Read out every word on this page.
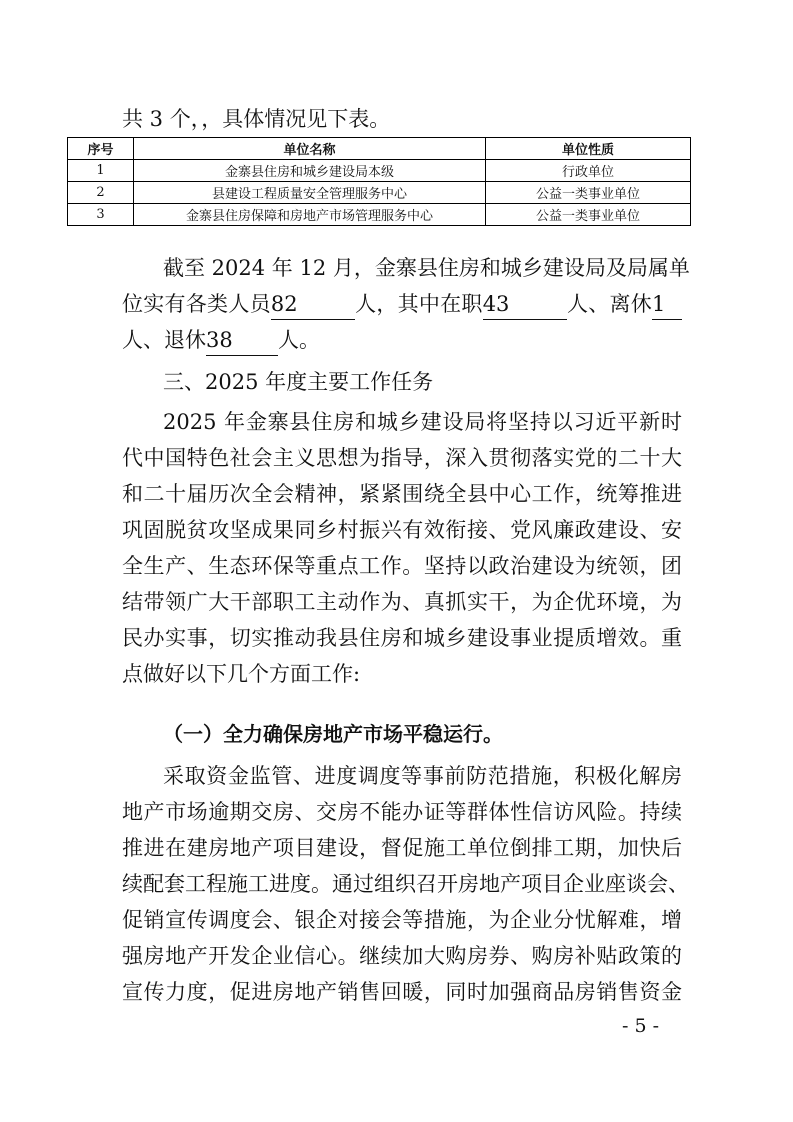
共 3 个，，具体情况见下表。
序号	单位名称	单位性质
1	金寨县住房和城乡建设局本级	行政单位
2	县建设工程质量安全管理服务中心	公益一类事业单位
3	金寨县住房保障和房地产市场管理服务中心	公益一类事业单位
截至 2024 年 12 月，金寨县住房和城乡建设局及局属单
位实有各类人员82	人，其中在职43	人、离休1
人、退休38 人。
三、2025 年度主要工作任务
2025 年金寨县住房和城乡建设局将坚持以习近平新时
代中国特色社会主义思想为指导，深入贯彻落实党的二十大
和二十届历次全会精神，紧紧围绕全县中心工作，统筹推进
巩固脱贫攻坚成果同乡村振兴有效衔接、党风廉政建设、安
全生产、生态环保等重点工作。坚持以政治建设为统领，团
结带领广大干部职工主动作为、真抓实干，为企优环境，为
民办实事，切实推动我县住房和城乡建设事业提质增效。重
点做好以下几个方面工作:
（一）全力确保房地产市场平稳运行。
采取资金监管、进度调度等事前防范措施，积极化解房
地产市场逾期交房、交房不能办证等群体性信访风险。持续
推进在建房地产项目建设，督促施工单位倒排工期，加快后
续配套工程施工进度。通过组织召开房地产项目企业座谈会、
促销宣传调度会、银企对接会等措施，为企业分忧解难，增
强房地产开发企业信心。继续加大购房券、购房补贴政策的
宣传力度，促进房地产销售回暖，同时加强商品房销售资金
- 5 -
